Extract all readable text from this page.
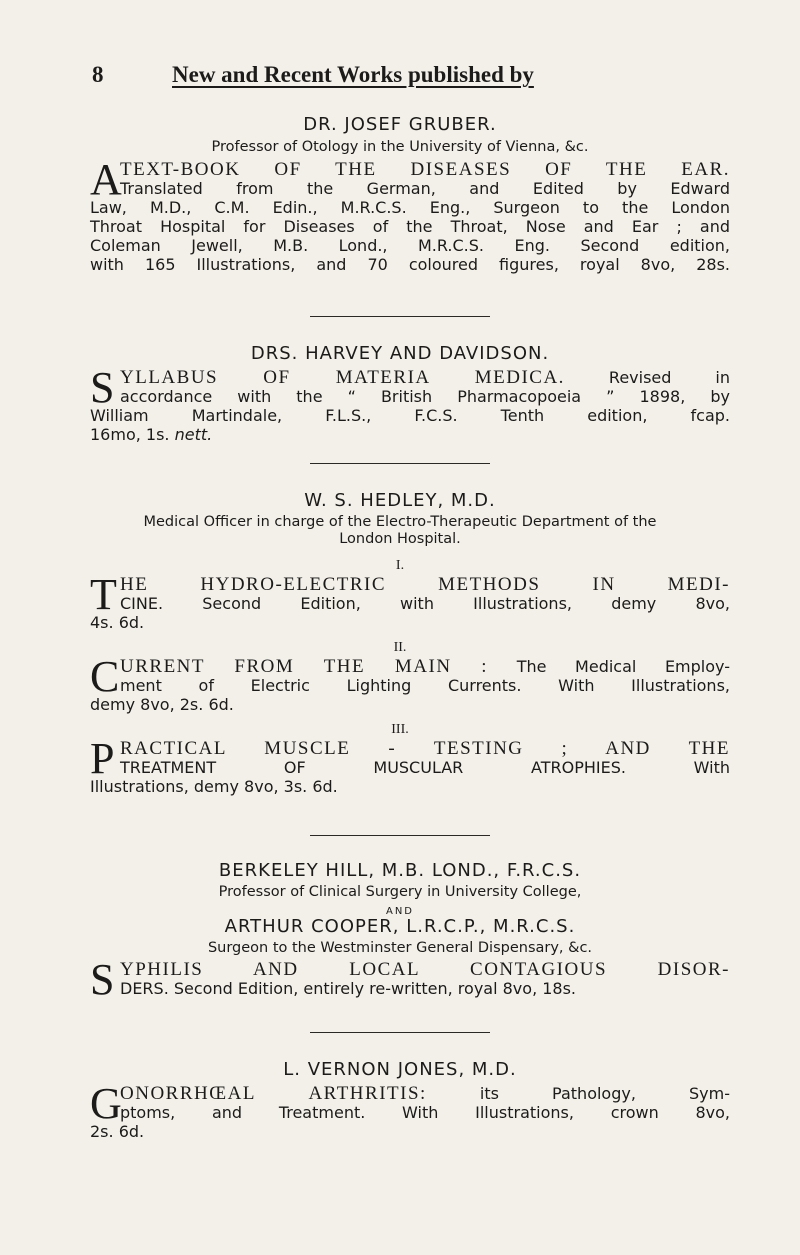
8	New and Recent Works published by
DR. JOSEF GRUBER.
Professor of Otology in the University of Vienna, &c.
A
TEXT-BOOK OF THE DISEASES OF THE EAR.
Translated from the German, and Edited by Edward
Law, M.D., C.M. Edin., M.R.C.S. Eng., Surgeon to the London
Throat Hospital for Diseases of the Throat, Nose and Ear ; and
Coleman Jewell, M.B. Lond., M.R.C.S. Eng. Second edition,
with 165 Illustrations, and 70 coloured figures, royal 8vo, 28s.
DRS. HARVEY AND DAVIDSON.
S YLLABUS OF MATERIA MEDICA.	Revised in
accordance with the “ British Pharmacopoeia ” 1898, by
William Martindale, F.L.S., F.C.S. Tenth edition, fcap.
16mo, 1s. nett.
W. S. HEDLEY, M.D.
Medical Officer in charge of the Electro-Therapeutic Department of the
London Hospital.
I.
T HE HYDRO-ELECTRIC METHODS IN MEDI-
CINE. Second Edition, with Illustrations, demy 8vo,
4s. 6d.
II.
C URRENT FROM THE MAIN : The Medical Employ-
ment of Electric Lighting Currents. With Illustrations,
demy 8vo, 2s. 6d.
III.
P RACTICAL MUSCLE - TESTING ; AND THE
TREATMENT OF MUSCULAR ATROPHIES. With
Illustrations, demy 8vo, 3s. 6d.
BERKELEY HILL, M.B. LOND., F.R.C.S.
Professor of Clinical Surgery in University College,
AND
ARTHUR COOPER, L.R.C.P., M.R.C.S.
Surgeon to the Westminster General Dispensary, &c.
S YPHILIS AND LOCAL CONTAGIOUS DISOR-
DERS. Second Edition, entirely re-written, royal 8vo, 18s.
L. VERNON JONES, M.D.
G
ONORRHŒAL ARTHRITIS:	its Pathology, Sym-
ptoms, and Treatment. With Illustrations, crown 8vo,
2s. 6d.
